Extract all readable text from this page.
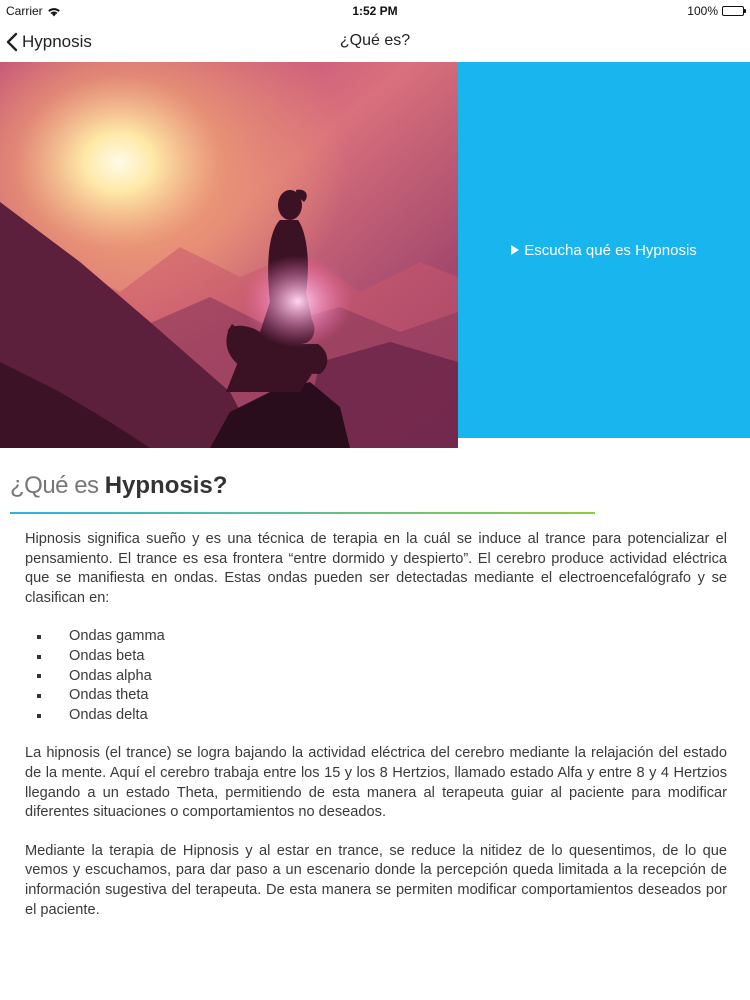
Carrier	1:52 PM	100%
Hypnosis	¿Qué es?
Escucha qué es Hypnosis
¿Qué es Hypnosis?

Hipnosis significa sueño y es una técnica de terapia en la cuál se induce al trance para potencializar el pensamiento. El trance es esa frontera “entre dormido y despierto”. El cerebro produce actividad eléctrica que se manifiesta en ondas. Estas ondas pueden ser detectadas mediante el electroencefalógrafo y se clasifican en:

Ondas gamma
Ondas beta
Ondas alpha
Ondas theta
Ondas delta

La hipnosis (el trance) se logra bajando la actividad eléctrica del cerebro mediante la relajación del estado de la mente. Aquí el cerebro trabaja entre los 15 y los 8 Hertzios, llamado estado Alfa y entre 8 y 4 Hertzios llegando a un estado Theta, permitiendo de esta manera al terapeuta guiar al paciente para modificar diferentes situaciones o comportamientos no deseados.

Mediante la terapia de Hipnosis y al estar en trance, se reduce la nitidez de lo quesentimos, de lo que vemos y escuchamos, para dar paso a un escenario donde la percepción queda limitada a la recepción de información sugestiva del terapeuta. De esta manera se permiten modificar comportamientos deseados por el paciente.
